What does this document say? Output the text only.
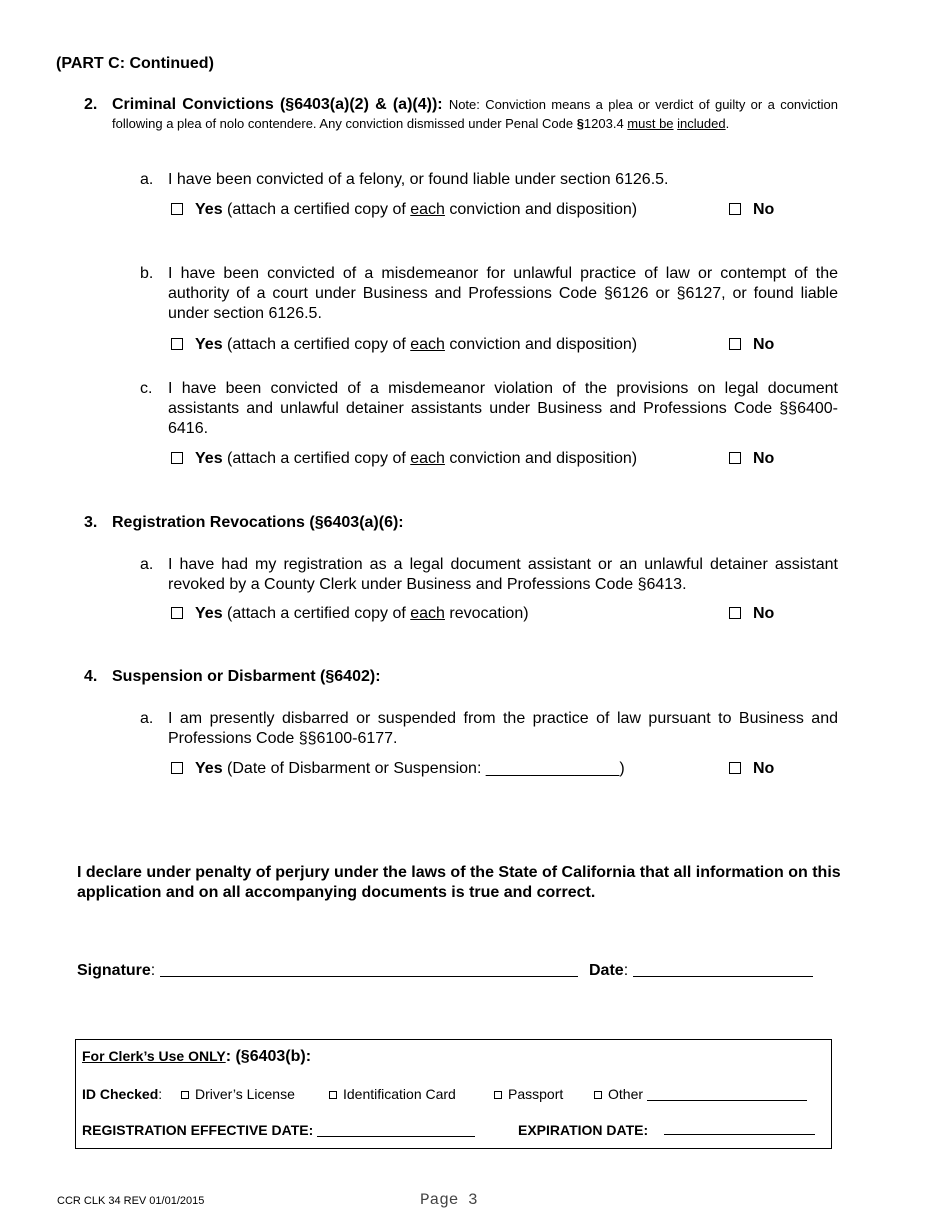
(PART C: Continued)
2. Criminal Convictions (§6403(a)(2) & (a)(4)): Note: Conviction means a plea or verdict of guilty or a conviction following a plea of nolo contendere. Any conviction dismissed under Penal Code §1203.4 must be included.
a. I have been convicted of a felony, or found liable under section 6126.5.
Yes (attach a certified copy of each conviction and disposition)	No
b. I have been convicted of a misdemeanor for unlawful practice of law or contempt of the authority of a court under Business and Professions Code §6126 or §6127, or found liable under section 6126.5.
Yes (attach a certified copy of each conviction and disposition)	No
c. I have been convicted of a misdemeanor violation of the provisions on legal document assistants and unlawful detainer assistants under Business and Professions Code §§6400-6416.
Yes (attach a certified copy of each conviction and disposition)	No
3. Registration Revocations (§6403(a)(6):
a. I have had my registration as a legal document assistant or an unlawful detainer assistant revoked by a County Clerk under Business and Professions Code §6413.
Yes (attach a certified copy of each revocation)	No
4. Suspension or Disbarment (§6402):
a. I am presently disbarred or suspended from the practice of law pursuant to Business and Professions Code §§6100-6177.
Yes (Date of Disbarment or Suspension: _______________)	No
I declare under penalty of perjury under the laws of the State of California that all information on this application and on all accompanying documents is true and correct.
Signature:	Date:
For Clerk’s Use ONLY: (§6403(b):
ID Checked:	Driver’s License	Identification Card	Passport	Other
REGISTRATION EFFECTIVE DATE:	EXPIRATION DATE:
CCR CLK 34 REV 01/01/2015	Page 3
